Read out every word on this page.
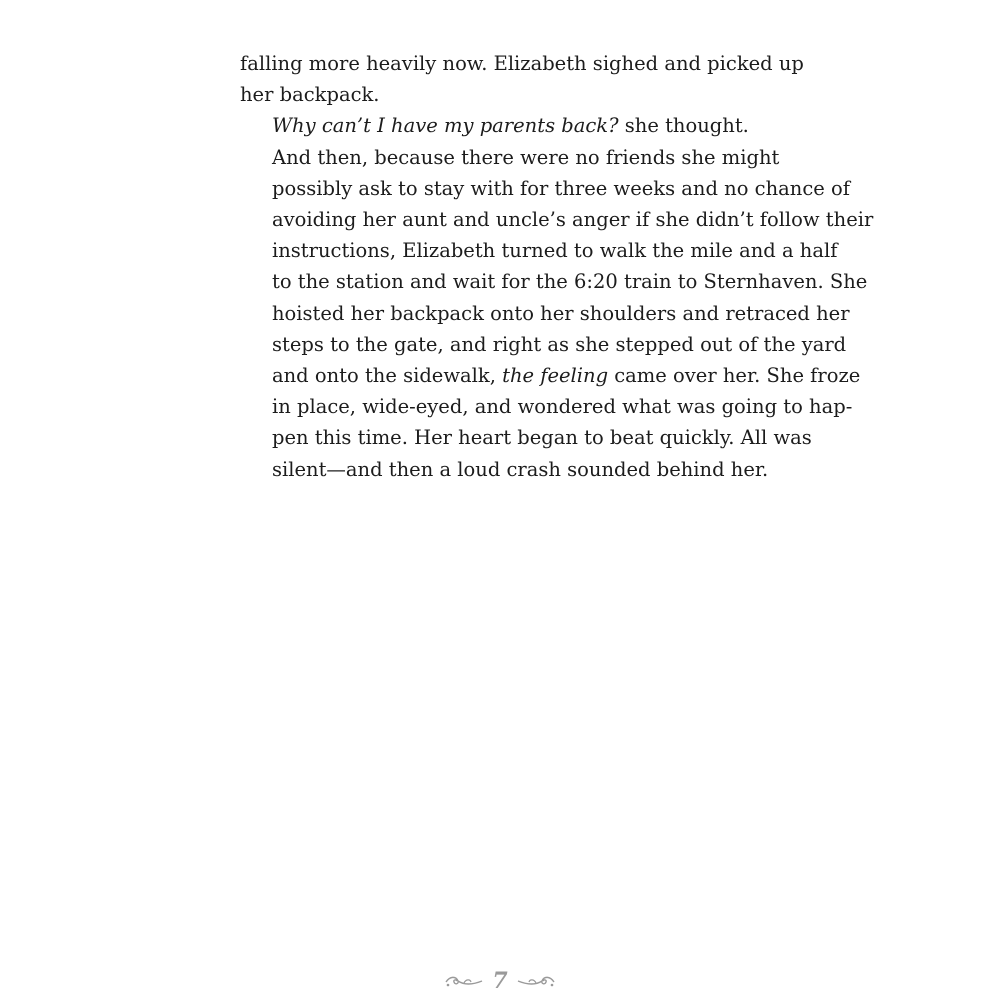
falling more heavily now. Elizabeth sighed and picked up
her backpack.

Why can’t I have my parents back? she thought.

And then, because there were no friends she might
possibly ask to stay with for three weeks and no chance of
avoiding her aunt and uncle’s anger if she didn’t follow their
instructions, Elizabeth turned to walk the mile and a half
to the station and wait for the 6:20 train to Sternhaven. She
hoisted her backpack onto her shoulders and retraced her
steps to the gate, and right as she stepped out of the yard
and onto the sidewalk, the feeling came over her. She froze
in place, wide-eyed, and wondered what was going to hap-
pen this time. Her heart began to beat quickly. All was
silent—and then a loud crash sounded behind her.

7
